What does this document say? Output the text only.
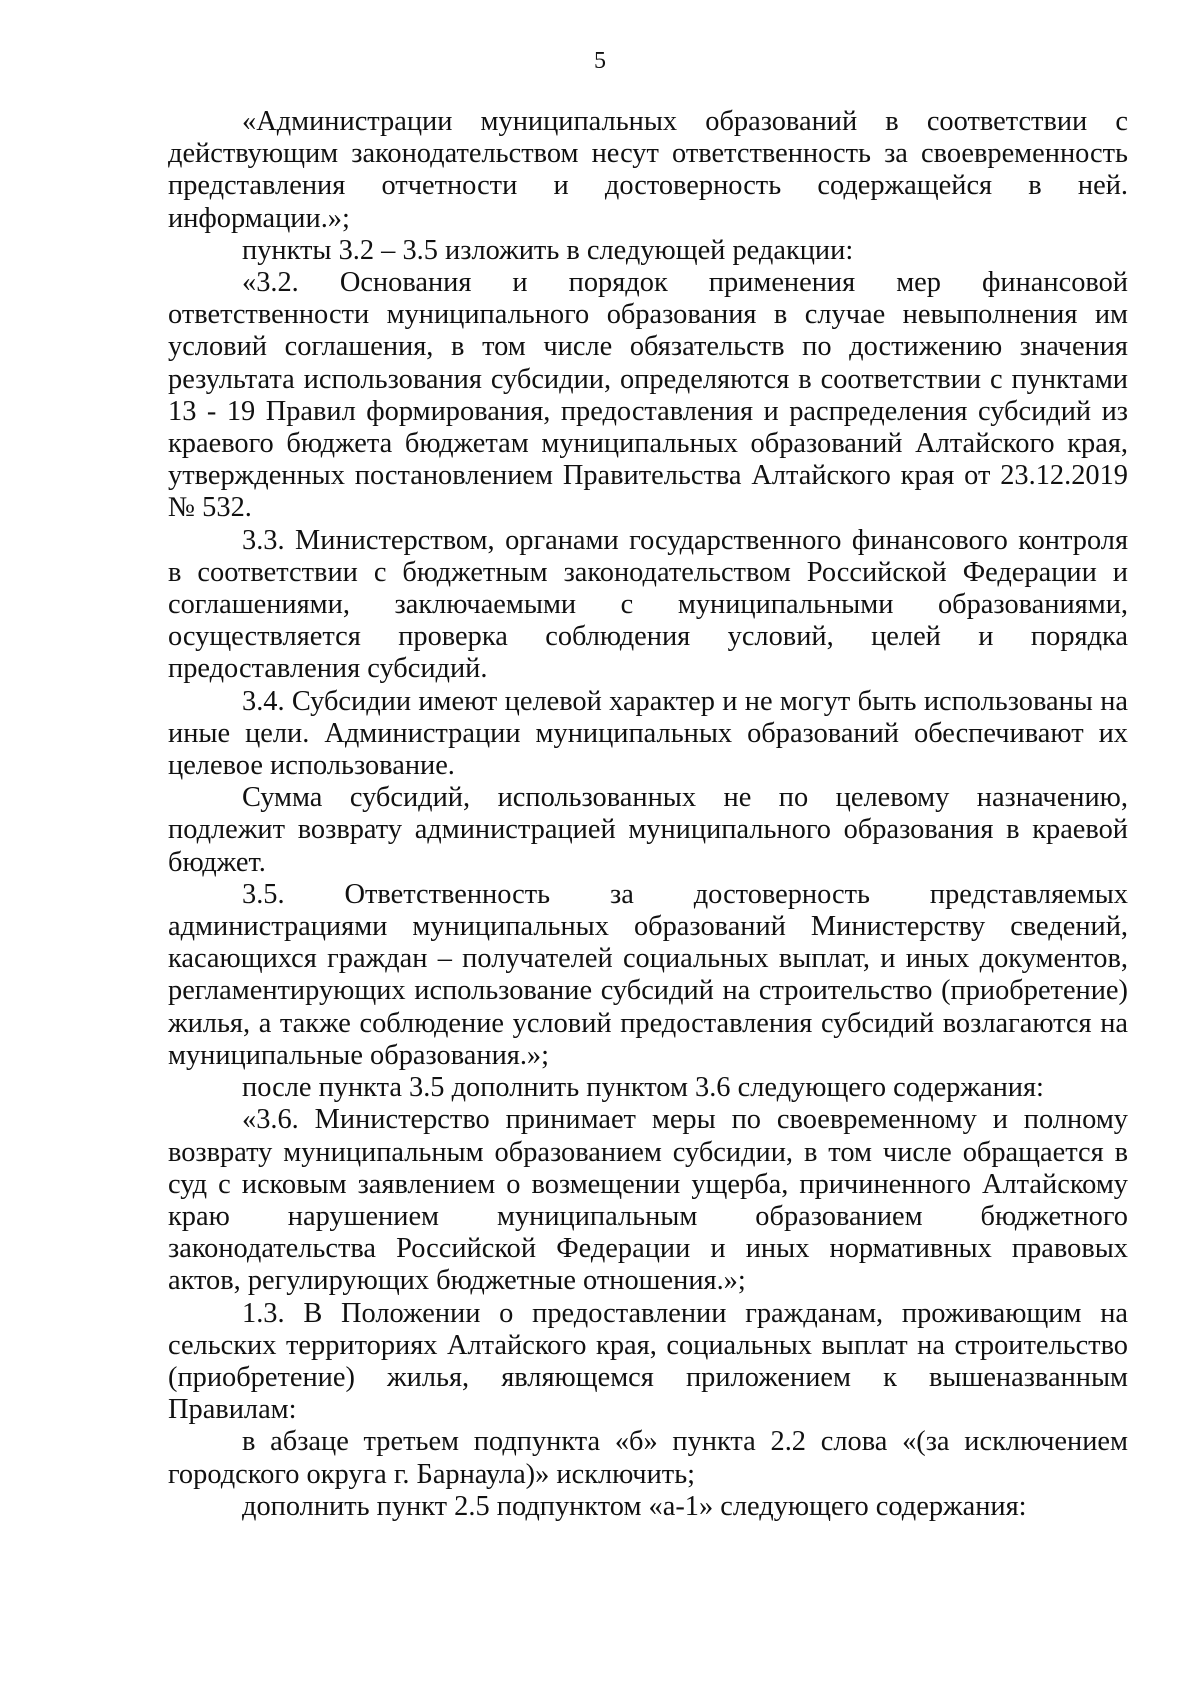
5

«Администрации муниципальных образований в соответствии с действующим законодательством несут ответственность за своевременность представления отчетности и достоверность содержащейся в ней. информации.»;

пункты 3.2 – 3.5 изложить в следующей редакции:

«3.2. Основания и порядок применения мер финансовой ответственности муниципального образования в случае невыполнения им условий соглашения, в том числе обязательств по достижению значения результата использования субсидии, определяются в соответствии с пунктами 13 - 19 Правил формирования, предоставления и распределения субсидий из краевого бюджета бюджетам муниципальных образований Алтайского края, утвержденных постановлением Правительства Алтайского края от 23.12.2019 № 532.

3.3. Министерством, органами государственного финансового контроля в соответствии с бюджетным законодательством Российской Федерации и соглашениями, заключаемыми с муниципальными образованиями, осуществляется проверка соблюдения условий, целей и порядка предоставления субсидий.

3.4. Субсидии имеют целевой характер и не могут быть использованы на иные цели. Администрации муниципальных образований обеспечивают их целевое использование.

Сумма субсидий, использованных не по целевому назначению, подлежит возврату администрацией муниципального образования в краевой бюджет.

3.5. Ответственность за достоверность представляемых администрациями муниципальных образований Министерству сведений, касающихся граждан – получателей социальных выплат, и иных документов, регламентирующих использование субсидий на строительство (приобретение) жилья, а также соблюдение условий предоставления субсидий возлагаются на муниципальные образования.»;

после пункта 3.5 дополнить пунктом 3.6 следующего содержания:

«3.6. Министерство принимает меры по своевременному и полному возврату муниципальным образованием субсидии, в том числе обращается в суд с исковым заявлением о возмещении ущерба, причиненного Алтайскому краю нарушением муниципальным образованием бюджетного законодательства Российской Федерации и иных нормативных правовых актов, регулирующих бюджетные отношения.»;

1.3. В Положении о предоставлении гражданам, проживающим на сельских территориях Алтайского края, социальных выплат на строительство (приобретение) жилья, являющемся приложением к вышеназванным Правилам:

в абзаце третьем подпункта «б» пункта 2.2 слова «(за исключением городского округа г. Барнаула)» исключить;

дополнить пункт 2.5 подпунктом «а-1» следующего содержания:
